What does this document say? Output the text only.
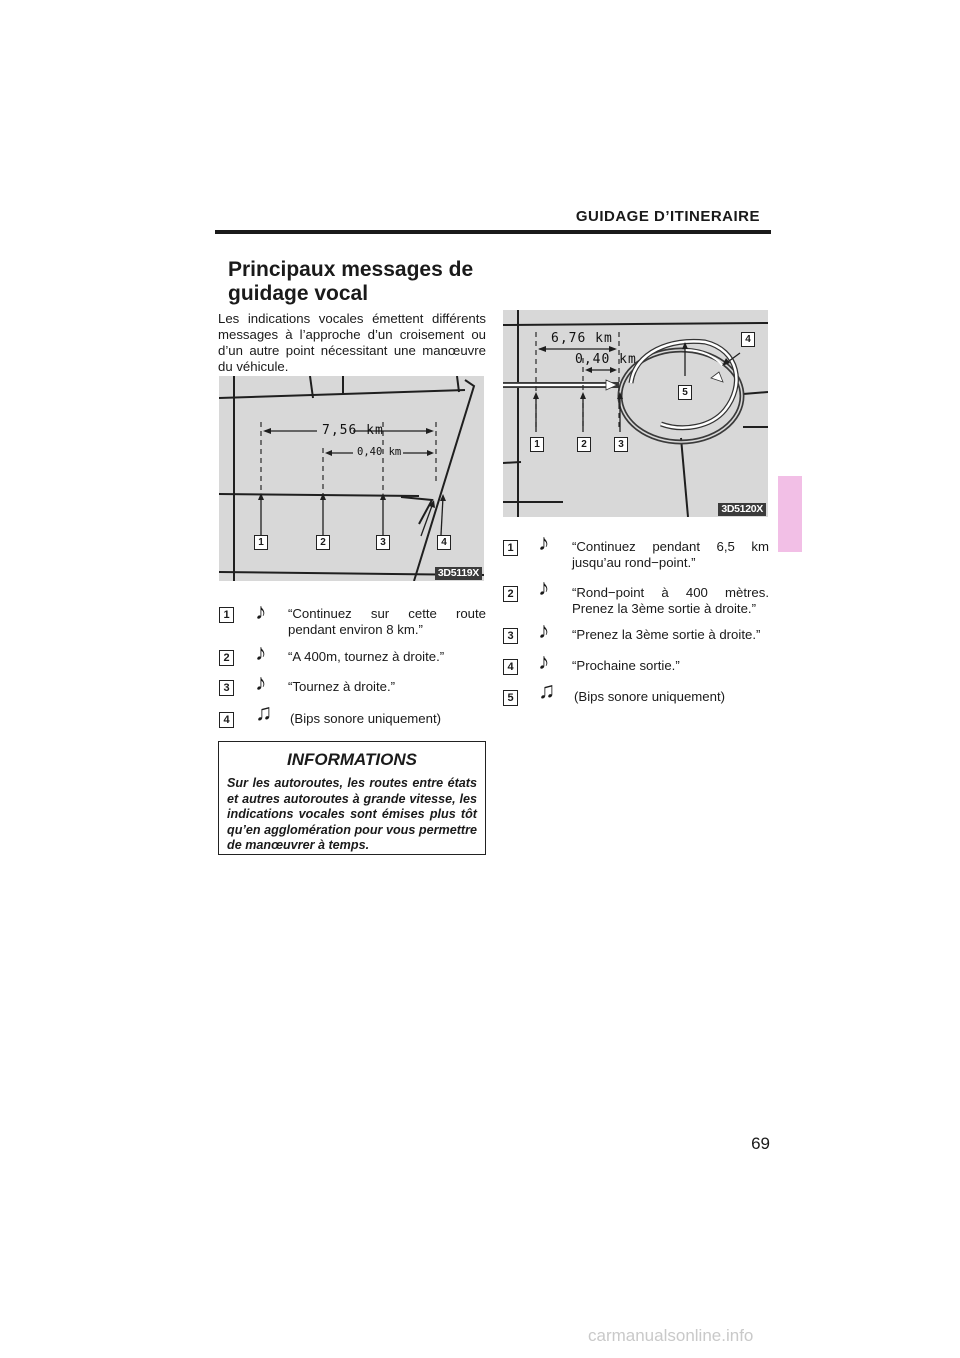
GUIDAGE D’ITINERAIRE
Principaux messages de
guidage vocal
Les indications vocales émettent différents messages à l’approche d’un croisement ou d’un autre point nécessitant une manœuvre du véhicule.
7,56 km
0,40 km
1	2	3	4
3D5119X
1 ♪ “Continuez sur cette route pendant environ 8 km.”
2 ♪ “A 400m, tournez à droite.”
3 ♪ “Tournez à droite.”
4 ♫ (Bips sonore uniquement)
INFORMATIONS
Sur les autoroutes, les routes entre états et autres autoroutes à grande vitesse, les indications vocales sont émises plus tôt qu’en agglomération pour vous permettre de manœuvrer à temps.
6,76 km
0,40 km
1	2	3
4
5
3D5120X
1 ♪ “Continuez pendant 6,5 km jusqu’au rond−point.”
2 ♪ “Rond−point à 400 mètres. Prenez la 3ème sortie à droite.”
3 ♪ “Prenez la 3ème sortie à droite.”
4 ♪ “Prochaine sortie.”
5 ♫ (Bips sonore uniquement)
69
carmanualsonline.info
